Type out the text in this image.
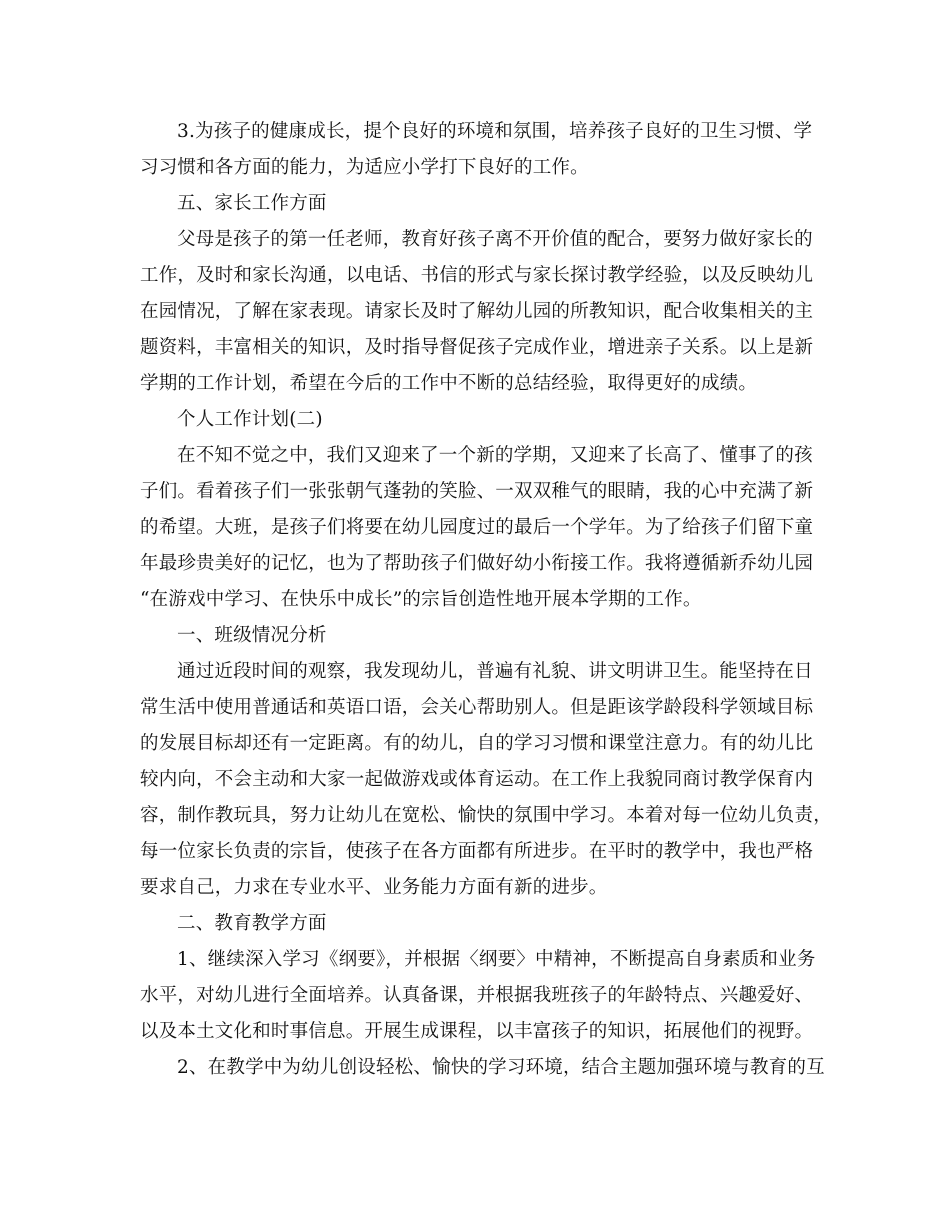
3.为孩子的健康成长，提个良好的环境和氛围，培养孩子良好的卫生习惯、学
习习惯和各方面的能力，为适应小学打下良好的工作。

五、家长工作方面

父母是孩子的第一任老师，教育好孩子离不开价值的配合，要努力做好家长的
工作，及时和家长沟通，以电话、书信的形式与家长探讨教学经验，以及反映幼儿
在园情况，了解在家表现。请家长及时了解幼儿园的所教知识，配合收集相关的主
题资料，丰富相关的知识，及时指导督促孩子完成作业，增进亲子关系。以上是新
学期的工作计划，希望在今后的工作中不断的总结经验，取得更好的成绩。

个人工作计划(二)

在不知不觉之中，我们又迎来了一个新的学期，又迎来了长高了、懂事了的孩
子们。看着孩子们一张张朝气蓬勃的笑脸、一双双稚气的眼睛，我的心中充满了新
的希望。大班，是孩子们将要在幼儿园度过的最后一个学年。为了给孩子们留下童
年最珍贵美好的记忆，也为了帮助孩子们做好幼小衔接工作。我将遵循新乔幼儿园
“在游戏中学习、在快乐中成长”的宗旨创造性地开展本学期的工作。

一、班级情况分析

通过近段时间的观察，我发现幼儿，普遍有礼貌、讲文明讲卫生。能坚持在日
常生活中使用普通话和英语口语，会关心帮助别人。但是距该学龄段科学领域目标
的发展目标却还有一定距离。有的幼儿，自的学习习惯和课堂注意力。有的幼儿比
较内向，不会主动和大家一起做游戏或体育运动。在工作上我貌同商讨教学保育内
容，制作教玩具，努力让幼儿在宽松、愉快的氛围中学习。本着对每一位幼儿负责，
每一位家长负责的宗旨，使孩子在各方面都有所进步。在平时的教学中，我也严格
要求自己，力求在专业水平、业务能力方面有新的进步。

二、教育教学方面

1、继续深入学习《纲要》，并根据〈纲要〉中精神，不断提高自身素质和业务
水平，对幼儿进行全面培养。认真备课，并根据我班孩子的年龄特点、兴趣爱好、
以及本土文化和时事信息。开展生成课程，以丰富孩子的知识，拓展他们的视野。

2、在教学中为幼儿创设轻松、愉快的学习环境，结合主题加强环境与教育的互
